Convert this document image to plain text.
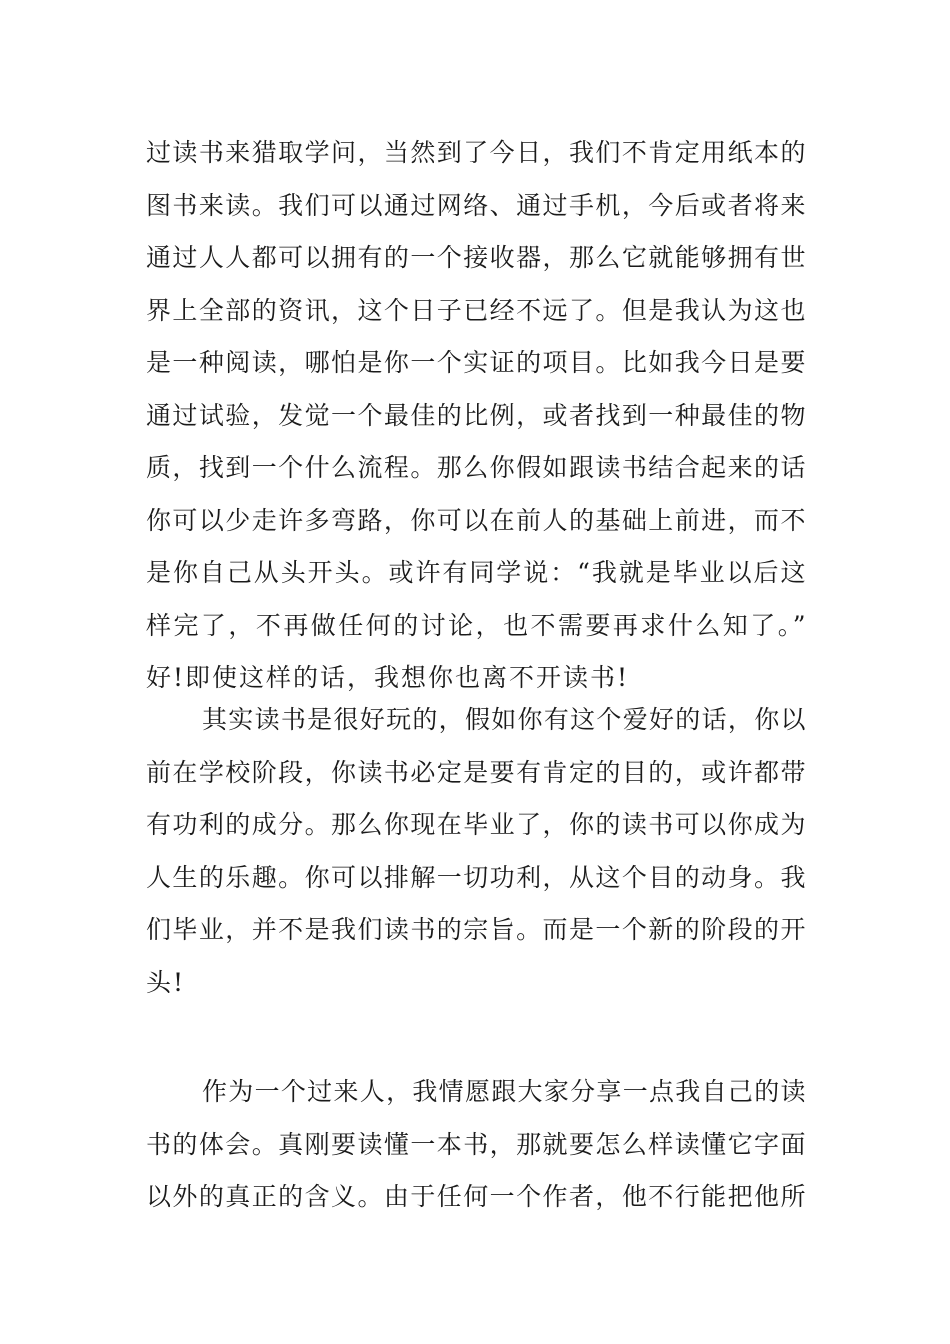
过读书来猎取学问，当然到了今日，我们不肯定用纸本的
图书来读。我们可以通过网络、通过手机，今后或者将来
通过人人都可以拥有的一个接收器，那么它就能够拥有世
界上全部的资讯，这个日子已经不远了。但是我认为这也
是一种阅读，哪怕是你一个实证的项目。比如我今日是要
通过试验，发觉一个最佳的比例，或者找到一种最佳的物
质，找到一个什么流程。那么你假如跟读书结合起来的话
你可以少走许多弯路，你可以在前人的基础上前进，而不
是你自己从头开头。或许有同学说：“我就是毕业以后这
样完了，不再做任何的讨论，也不需要再求什么知了。”
好!即使这样的话，我想你也离不开读书!
其实读书是很好玩的，假如你有这个爱好的话，你以
前在学校阶段，你读书必定是要有肯定的目的，或许都带
有功利的成分。那么你现在毕业了，你的读书可以你成为
人生的乐趣。你可以排解一切功利，从这个目的动身。我
们毕业，并不是我们读书的宗旨。而是一个新的阶段的开
头!
作为一个过来人，我情愿跟大家分享一点我自己的读
书的体会。真刚要读懂一本书，那就要怎么样读懂它字面
以外的真正的含义。由于任何一个作者，他不行能把他所
